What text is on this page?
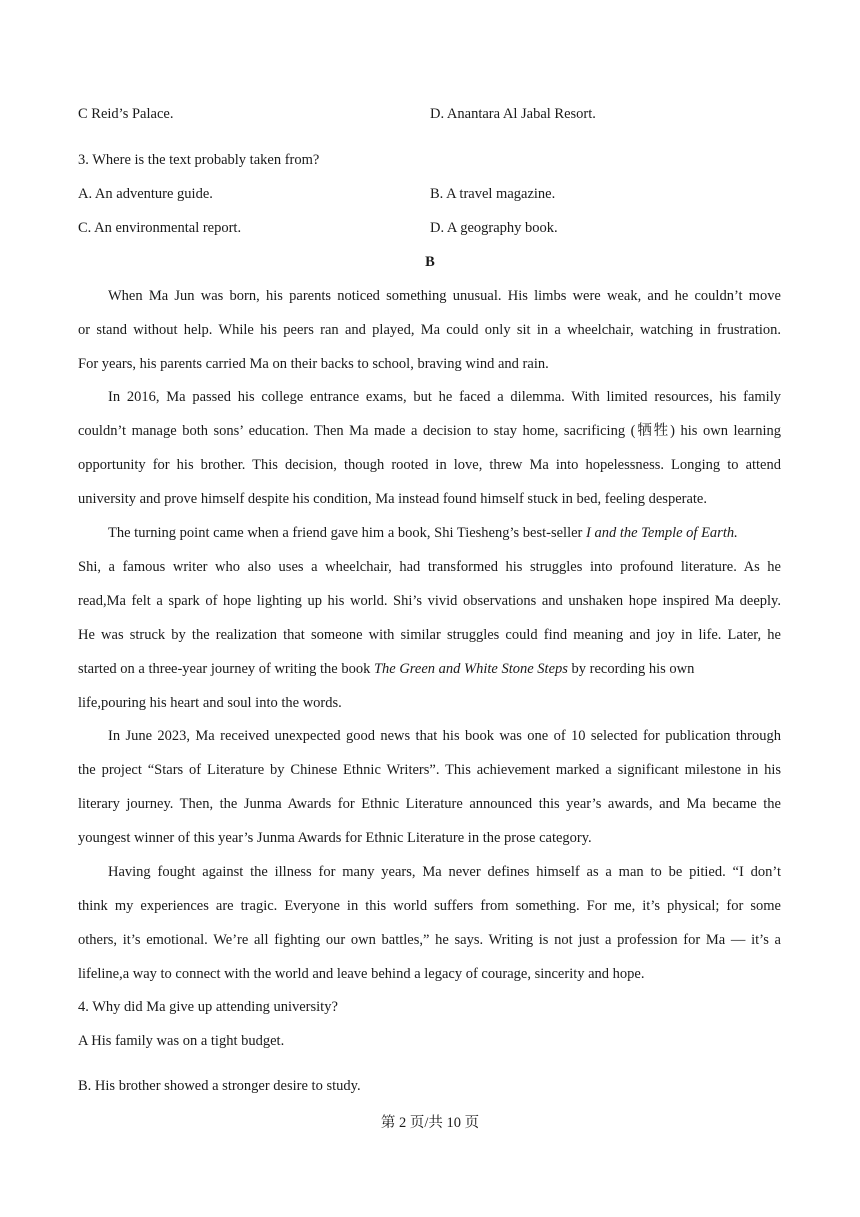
C Reid’s Palace.	D. Anantara Al Jabal Resort.
3. Where is the text probably taken from?
A. An adventure guide.	B. A travel magazine.
C. An environmental report.	D. A geography book.
B
When Ma Jun was born, his parents noticed something unusual. His limbs were weak, and he couldn’t move
or stand without help. While his peers ran and played, Ma could only sit in a wheelchair, watching in frustration.
For years, his parents carried Ma on their backs to school, braving wind and rain.
In 2016, Ma passed his college entrance exams, but he faced a dilemma. With limited resources, his family
couldn’t manage both sons’ education. Then Ma made a decision to stay home, sacrificing (牺牲) his own learning
opportunity for his brother. This decision, though rooted in love, threw Ma into hopelessness. Longing to attend
university and prove himself despite his condition, Ma instead found himself stuck in bed, feeling desperate.
The turning point came when a friend gave him a book, Shi Tiesheng’s best-seller I and the Temple of Earth.
Shi, a famous writer who also uses a wheelchair, had transformed his struggles into profound literature. As he
read,Ma felt a spark of hope lighting up his world. Shi’s vivid observations and unshaken hope inspired Ma deeply.
He was struck by the realization that someone with similar struggles could find meaning and joy in life. Later, he
started on a three-year journey of writing the book The Green and White Stone Steps by recording his own
life,pouring his heart and soul into the words.
In June 2023, Ma received unexpected good news that his book was one of 10 selected for publication through
the project “Stars of Literature by Chinese Ethnic Writers”. This achievement marked a significant milestone in his
literary journey. Then, the Junma Awards for Ethnic Literature announced this year’s awards, and Ma became the
youngest winner of this year’s Junma Awards for Ethnic Literature in the prose category.
Having fought against the illness for many years, Ma never defines himself as a man to be pitied. “I don’t
think my experiences are tragic. Everyone in this world suffers from something. For me, it’s physical; for some
others, it’s emotional. We’re all fighting our own battles,” he says. Writing is not just a profession for Ma — it’s a
lifeline,a way to connect with the world and leave behind a legacy of courage, sincerity and hope.
4. Why did Ma give up attending university?
A His family was on a tight budget.
B. His brother showed a stronger desire to study.
第 2 页/共 10 页
